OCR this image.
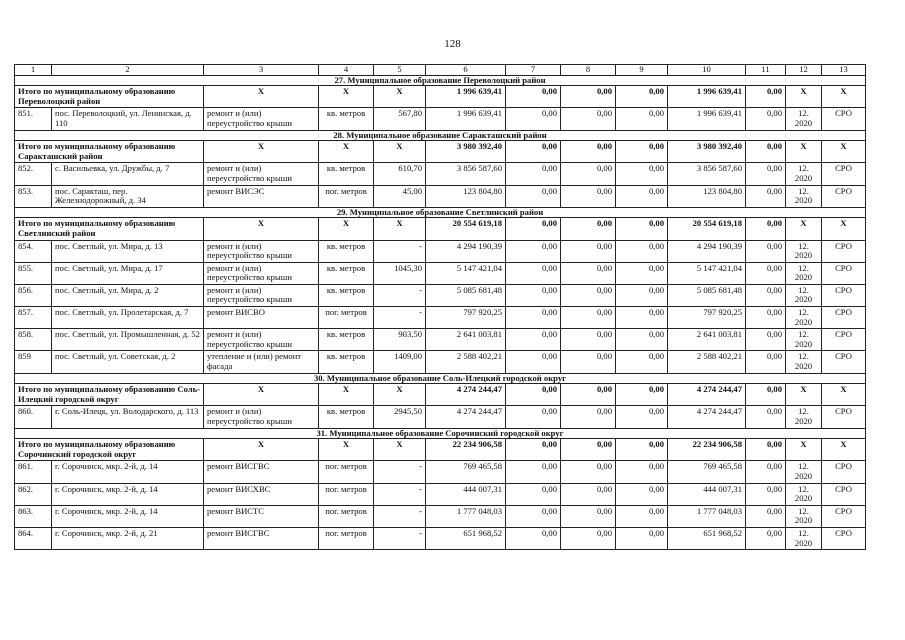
128
1	2	3	4	5	6	7	8	9	10	11	12	13
27. Муниципальное образование Переволоцкий район												
Итого по муниципальному образованию Переволоцкий район		Х	Х	Х	1 996 639,41	0,00	0,00	0,00	1 996 639,41	0,00	Х	Х
851.	пос. Переволоцкий, ул. Ленинская, д. 110	ремонт и (или) переустройство крыши	кв. метров	567,80	1 996 639,41	0,00	0,00	0,00	1 996 639,41	0,00	12. 2020	СРО
28. Муниципальное образование Саракташский район												
Итого по муниципальному образованию Саракташский район		Х	Х	Х	3 980 392,40	0,00	0,00	0,00	3 980 392,40	0,00	Х	Х
852.	с. Васильевка, ул. Дружбы, д. 7	ремонт и (или) переустройство крыши	кв. метров	610,70	3 856 587,60	0,00	0,00	0,00	3 856 587,60	0,00	12. 2020	СРО
853.	пос. Саракташ, пер. Железнодорожный, д. 34	ремонт ВИСЭС	пог. метров	45,00	123 804,80	0,00	0,00	0,00	123 804,80	0,00	12. 2020	СРО
29. Муниципальное образование Светлинский район												
Итого по муниципальному образованию Светлинский район		Х	Х	Х	20 554 619,18	0,00	0,00	0,00	20 554 619,18	0,00	Х	Х
854.	пос. Светлый, ул. Мира, д. 13	ремонт и (или) переустройство крыши	кв. метров	-	4 294 190,39	0,00	0,00	0,00	4 294 190,39	0,00	12. 2020	СРО
855.	пос. Светлый, ул. Мира, д. 17	ремонт и (или) переустройство крыши	кв. метров	1045,30	5 147 421,04	0,00	0,00	0,00	5 147 421,04	0,00	12. 2020	СРО
856.	пос. Светлый, ул. Мира, д. 2	ремонт и (или) переустройство крыши	кв. метров	-	5 085 681,48	0,00	0,00	0,00	5 085 681,48	0,00	12. 2020	СРО
857.	пос. Светлый, ул. Пролетарская, д. 7	ремонт ВИСВО	пог. метров	-	797 920,25	0,00	0,00	0,00	797 920,25	0,00	12. 2020	СРО
858.	пос. Светлый, ул. Промышленная, д. 52	ремонт и (или) переустройство крыши	кв. метров	903,50	2 641 003,81	0,00	0,00	0,00	2 641 003,81	0,00	12. 2020	СРО
859	пос. Светлый, ул. Советская, д. 2	утепление и (или) ремонт фасада	кв. метров	1409,00	2 588 402,21	0,00	0,00	0,00	2 588 402,21	0,00	12. 2020	СРО
30. Муниципальное образование Соль-Илецкий городской округ												
Итого по муниципальному образованию Соль-Илецкий городской округ		Х	Х	Х	4 274 244,47	0,00	0,00	0,00	4 274 244,47	0,00	Х	Х
860.	г. Соль-Илецк, ул. Володарского, д. 113	ремонт и (или) переустройство крыши	кв. метров	2945,50	4 274 244,47	0,00	0,00	0,00	4 274 244,47	0,00	12. 2020	СРО
31. Муниципальное образование Сорочинский городской округ												
Итого по муниципальному образованию Сорочинский городской округ		Х	Х	Х	22 234 906,58	0,00	0,00	0,00	22 234 906,58	0,00	Х	Х
861.	г. Сорочинск, мкр. 2-й, д. 14	ремонт ВИСГВС	пог. метров	-	769 465,58	0,00	0,00	0,00	769 465,58	0,00	12. 2020	СРО
862.	г. Сорочинск, мкр. 2-й, д. 14	ремонт ВИСХВС	пог. метров	-	444 007,31	0,00	0,00	0,00	444 007,31	0,00	12. 2020	СРО
863.	г. Сорочинск, мкр. 2-й, д. 14	ремонт ВИСТС	пог. метров	-	1 777 048,03	0,00	0,00	0,00	1 777 048,03	0,00	12. 2020	СРО
864.	г. Сорочинск, мкр. 2-й, д. 21	ремонт ВИСГВС	пог. метров	-	651 968,52	0,00	0,00	0,00	651 968,52	0,00	12. 2020	СРО
